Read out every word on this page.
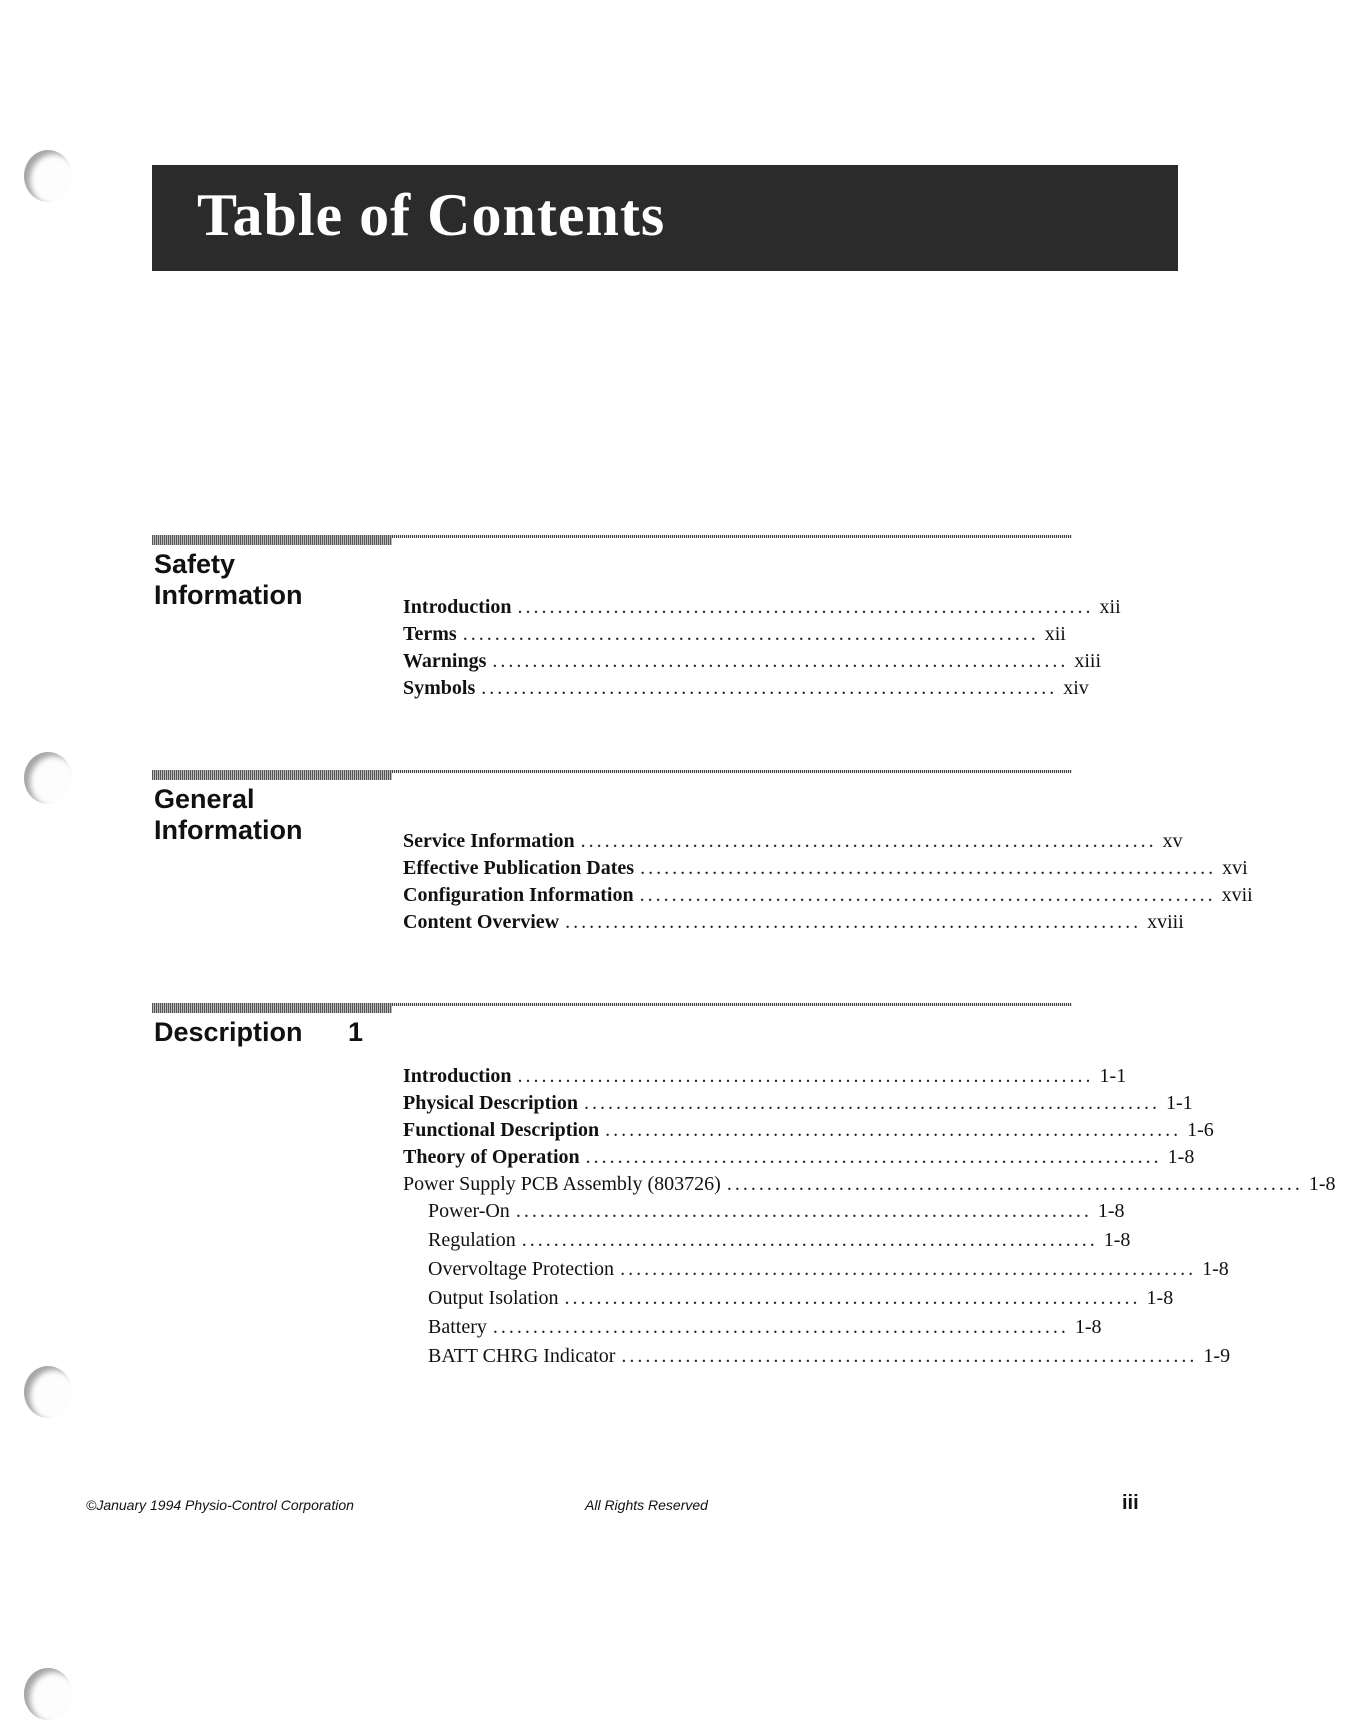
Table of Contents
Safety
Information	Introduction ........................................................................ xii
Terms ........................................................................ xii
Warnings ........................................................................ xiii
Symbols ........................................................................ xiv
General
Information	Service Information ........................................................................ xv
Effective Publication Dates ........................................................................ xvi
Configuration Information ........................................................................ xvii
Content Overview ........................................................................ xviii
Description 1
Introduction ........................................................................ 1-1
Physical Description ........................................................................ 1-1
Functional Description ........................................................................ 1-6
Theory of Operation ........................................................................ 1-8
Power Supply PCB Assembly (803726) ........................................................................ 1-8
Power-On ........................................................................ 1-8
Regulation ........................................................................ 1-8
Overvoltage Protection ........................................................................ 1-8
Output Isolation ........................................................................ 1-8
Battery ........................................................................ 1-8
BATT CHRG Indicator ........................................................................ 1-9
©January 1994 Physio-Control Corporation	All Rights Reserved	iii
